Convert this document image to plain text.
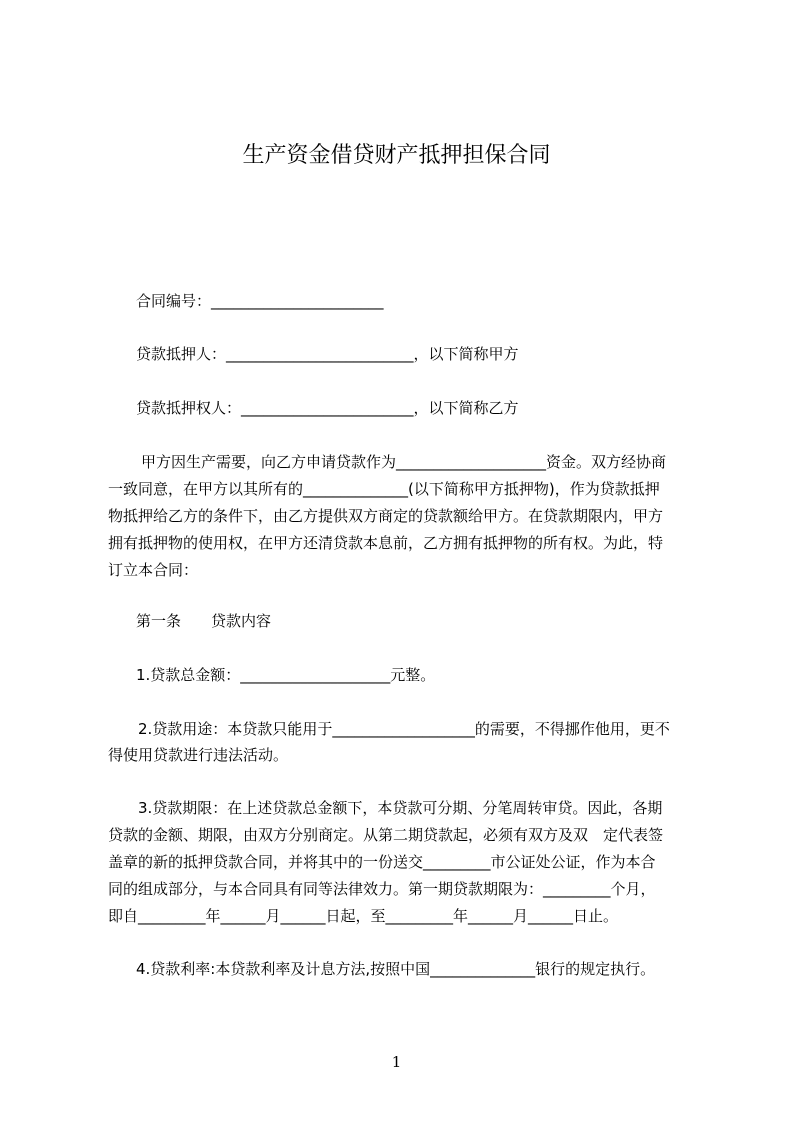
生产资金借贷财产抵押担保合同
合同编号：_______________________
贷款抵押人：_________________________，以下简称甲方
贷款抵押权人：_______________________，以下简称乙方
甲方因生产需要，向乙方申请贷款作为____________________资金。双方经协商
一致同意，在甲方以其所有的______________(以下简称甲方抵押物)，作为贷款抵押
物抵押给乙方的条件下，由乙方提供双方商定的贷款额给甲方。在贷款期限内，甲方
拥有抵押物的使用权，在甲方还清贷款本息前，乙方拥有抵押物的所有权。为此，特
订立本合同：
第一条　　贷款内容
1.贷款总金额：____________________元整。
2.贷款用途：本贷款只能用于___________________的需要，不得挪作他用，更不
得使用贷款进行违法活动。
3.贷款期限：在上述贷款总金额下，本贷款可分期、分笔周转审贷。因此，各期
贷款的金额、期限，由双方分别商定。从第二期贷款起，必须有双方及双　定代表签
盖章的新的抵押贷款合同，并将其中的一份送交_________市公证处公证，作为本合
同的组成部分，与本合同具有同等法律效力。第一期贷款期限为：_________个月，
即自_________年______月______日起，至_________年______月______日止。
4.贷款利率:本贷款利率及计息方法,按照中国______________银行的规定执行。
1
